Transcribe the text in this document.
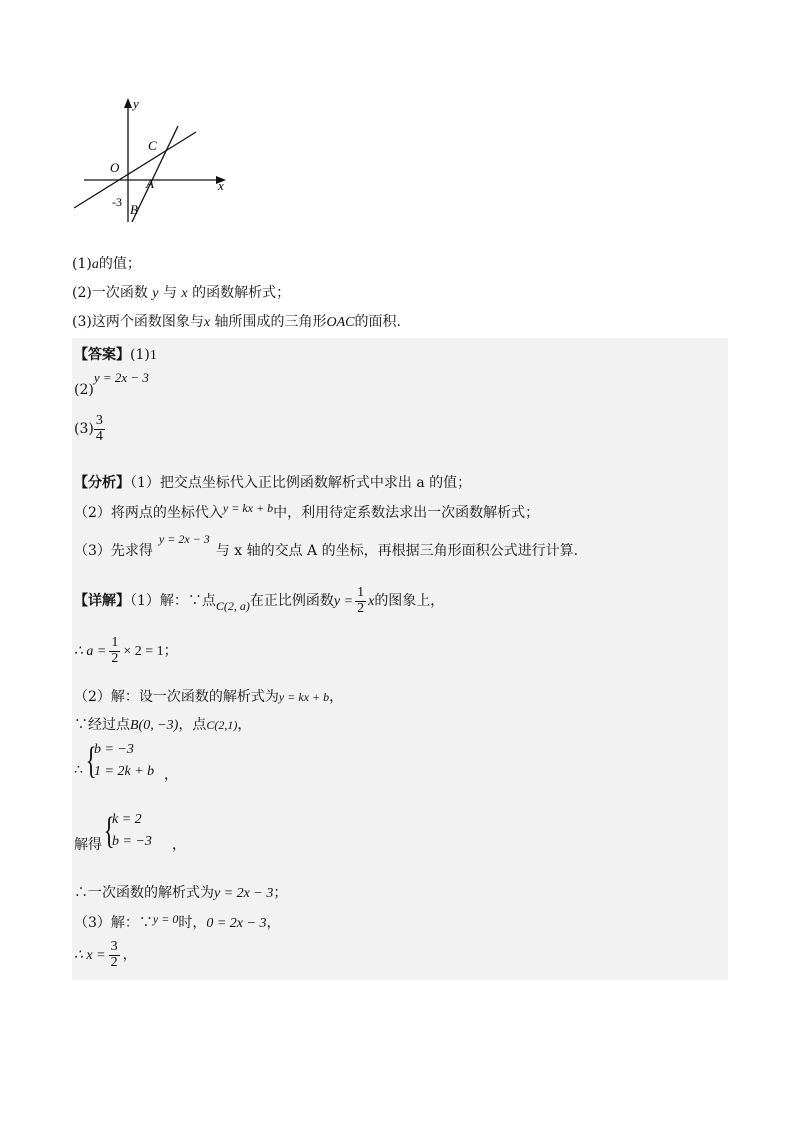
y
x
O
C
A
B
-3
(1)a的值；
(2)一次函数 y 与 x 的函数解析式；
(3)这两个函数图象与x 轴所围成的三角形OAC的面积.
【答案】(1)1
(2)y = 2x − 3
$(3) \frac{3}{4}$
【分析】（1）把交点坐标代入正比例函数解析式中求出 a 的值；
（2）将两点的坐标代入y = kx + b中，利用待定系数法求出一次函数解析式；
（3）先求得y = 2x − 3与 x 轴的交点 A 的坐标，再根据三角形面积公式进行计算.
【详解】（1）解：∵点C(2, a)在正比例函数$y = \frac{1}{2}$ x的图象上，
∴ $a = \frac{1}{2} \times 2 = 1$；
（2）解：设一次函数的解析式为y = kx + b，
∵经过点B(0, −3)，点C(2,1)，
∴ {
b = −3
1 = 2k + b ，
解得 {
k = 2
b = −3 ，
∴一次函数的解析式为y = 2x − 3；
（3）解：∵y = 0时，0 = 2x − 3，
∴ $x = \frac{3}{2}$ ，
